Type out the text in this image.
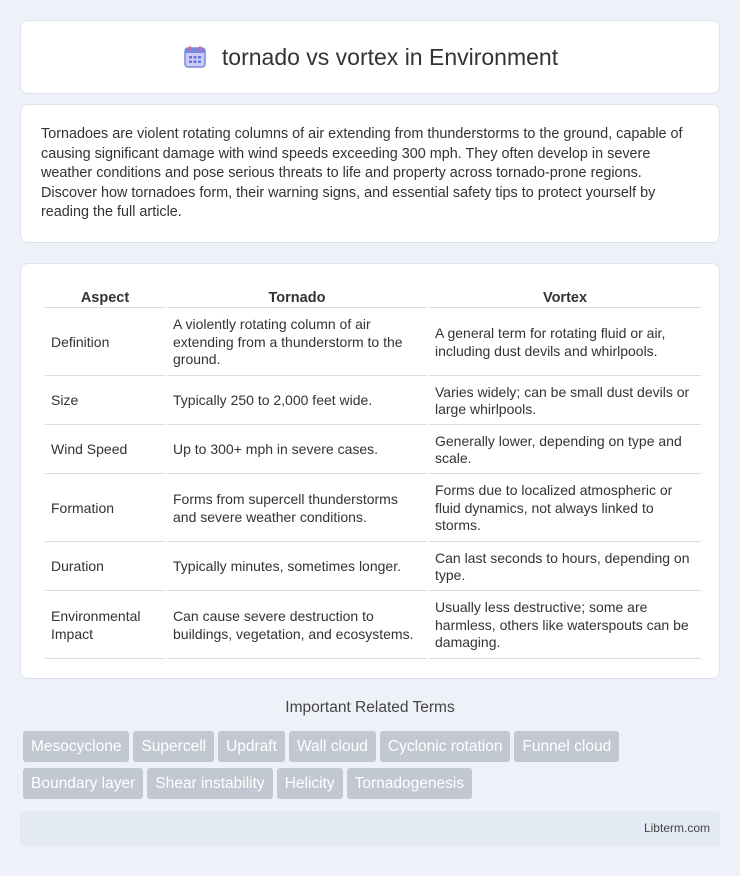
tornado vs vortex in Environment

Tornadoes are violent rotating columns of air extending from thunderstorms to the ground, capable of causing significant damage with wind speeds exceeding 300 mph. They often develop in severe weather conditions and pose serious threats to life and property across tornado-prone regions. Discover how tornadoes form, their warning signs, and essential safety tips to protect yourself by reading the full article.

Aspect	Tornado	Vortex
Definition	A violently rotating column of air extending from a thunderstorm to the ground.	A general term for rotating fluid or air, including dust devils and whirlpools.
Size	Typically 250 to 2,000 feet wide.	Varies widely; can be small dust devils or large whirlpools.
Wind Speed	Up to 300+ mph in severe cases.	Generally lower, depending on type and scale.
Formation	Forms from supercell thunderstorms and severe weather conditions.	Forms due to localized atmospheric or fluid dynamics, not always linked to storms.
Duration	Typically minutes, sometimes longer.	Can last seconds to hours, depending on type.
Environmental Impact	Can cause severe destruction to buildings, vegetation, and ecosystems.	Usually less destructive; some are harmless, others like waterspouts can be damaging.
Important Related Terms
Mesocyclone Supercell Updraft Wall cloud Cyclonic rotation Funnel cloud
Boundary layer Shear instability Helicity Tornadogenesis
Libterm.com
